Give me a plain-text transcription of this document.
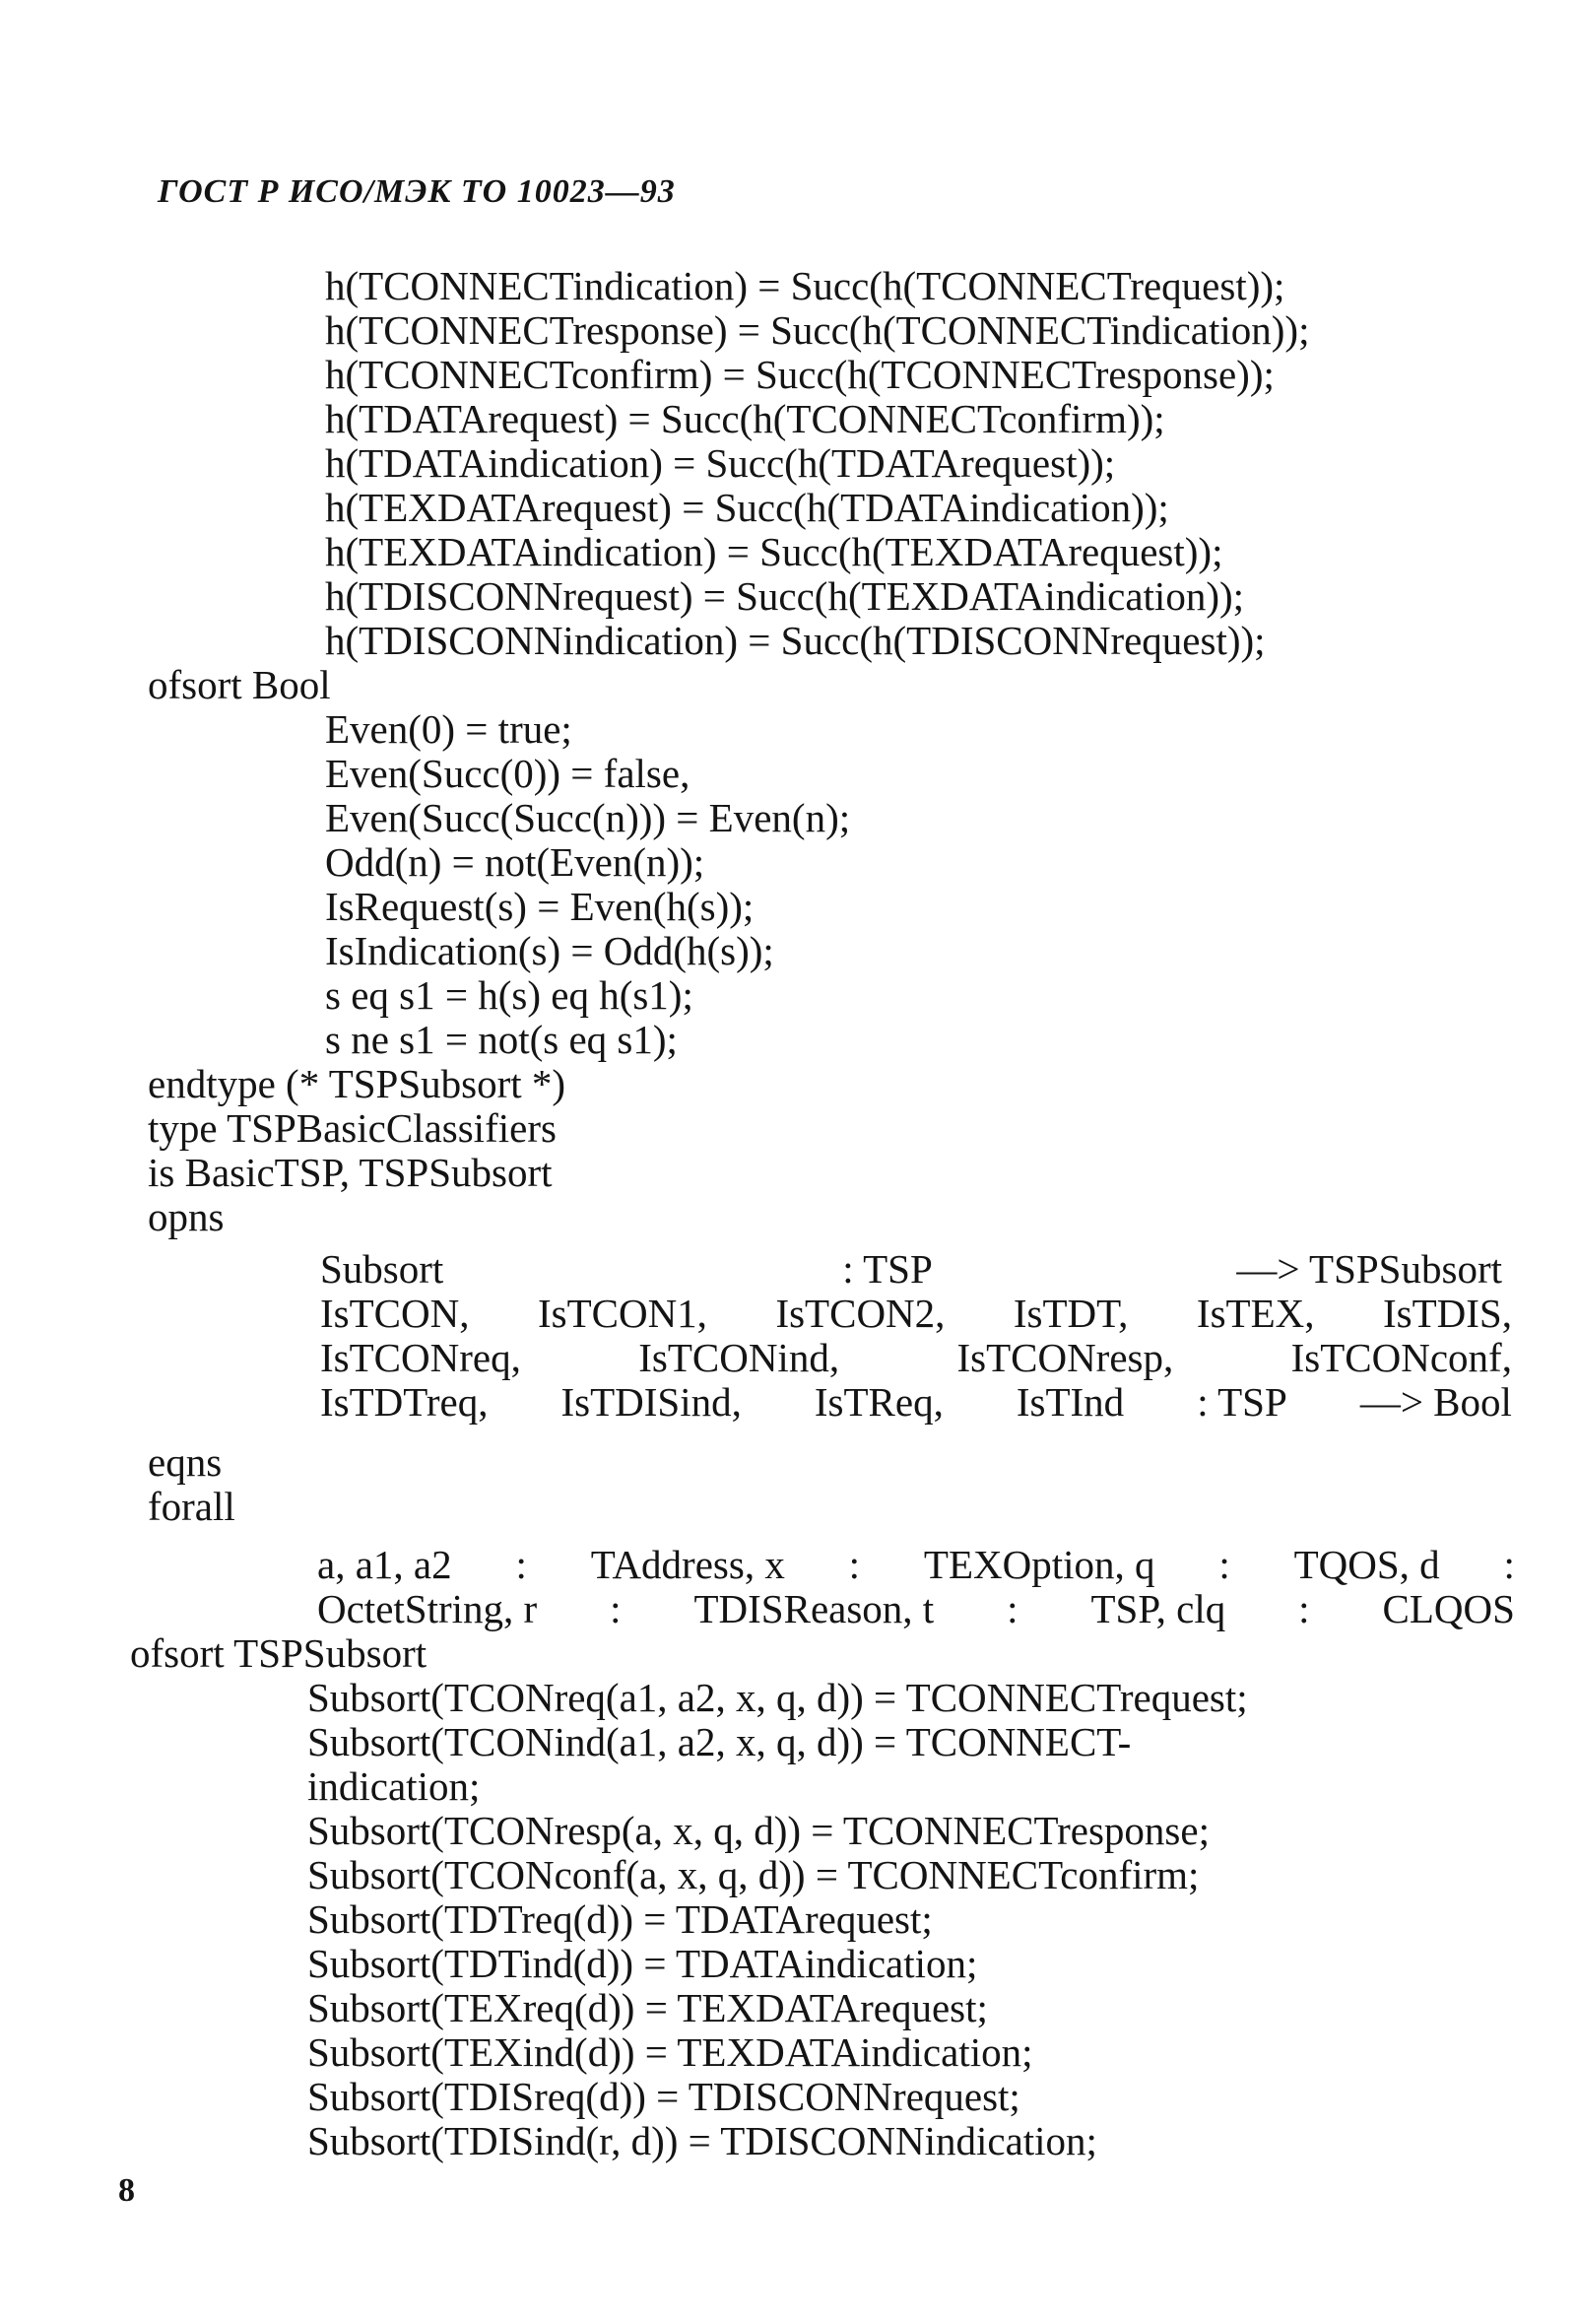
ГОСТ Р ИСО/МЭК ТО 10023—93
h(TCONNECTindication) = Succ(h(TCONNECTrequest));
h(TCONNECTresponse) = Succ(h(TCONNECTindication));
h(TCONNECTconfirm) = Succ(h(TCONNECTresponse));
h(TDATArequest) = Succ(h(TCONNECTconfirm));
h(TDATAindication) = Succ(h(TDATArequest));
h(TEXDATArequest) = Succ(h(TDATAindication));
h(TEXDATAindication) = Succ(h(TEXDATArequest));
h(TDISCONNrequest) = Succ(h(TEXDATAindication));
h(TDISCONNindication) = Succ(h(TDISCONNrequest));
ofsort Bool
Even(0) = true;
Even(Succ(0)) = false,
Even(Succ(Succ(n))) = Even(n);
Odd(n) = not(Even(n));
IsRequest(s) = Even(h(s));
IsIndication(s) = Odd(h(s));
s eq s1 = h(s) eq h(s1);
s ne s1 = not(s eq s1);
endtype (* TSPSubsort *)
type TSPBasicClassifiers
is BasicTSP, TSPSubsort
opns
Subsort	: TSP	—> TSPSubsort
IsTCON, IsTCON1, IsTCON2, IsTDT, IsTEX, IsTDIS,
IsTCONreq,	IsTCONind,	IsTCONresp,	IsTCONconf,
IsTDTreq, IsTDISind, IsTReq, IsTInd : TSP —> Bool
eqns
forall
a, a1, a2 : TAddress, x : TEXOption, q : TQOS, d :
OctetString, r : TDISReason, t : TSP, clq : CLQOS
ofsort TSPSubsort
Subsort(TCONreq(a1, a2, x, q, d)) = TCONNECTrequest;
Subsort(TCONind(a1, a2, x, q, d)) = TCONNECT-
indication;
Subsort(TCONresp(a, x, q, d)) = TCONNECTresponse;
Subsort(TCONconf(a, x, q, d)) = TCONNECTconfirm;
Subsort(TDTreq(d)) = TDATArequest;
Subsort(TDTind(d)) = TDATAindication;
Subsort(TEXreq(d)) = TEXDATArequest;
Subsort(TEXind(d)) = TEXDATAindication;
Subsort(TDISreq(d)) = TDISCONNrequest;
Subsort(TDISind(r, d)) = TDISCONNindication;
8
